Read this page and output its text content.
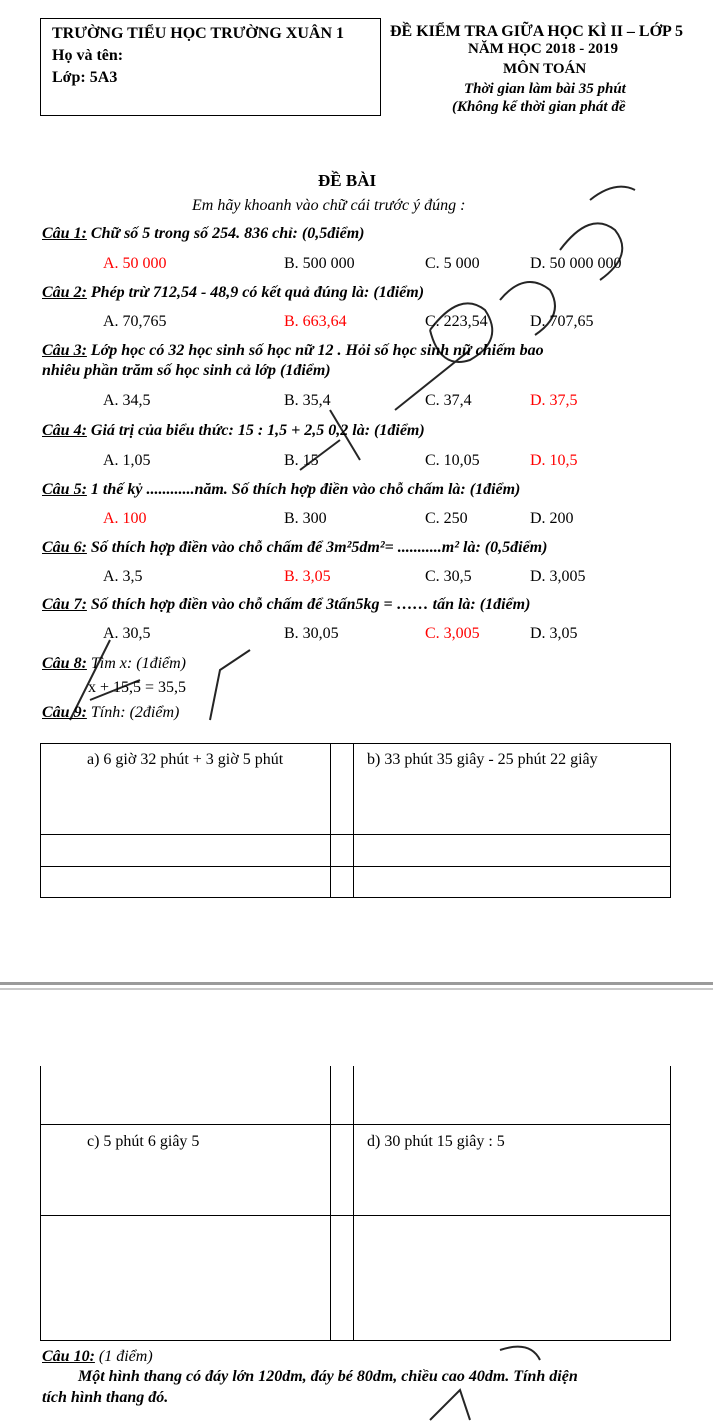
TRƯỜNG TIỂU HỌC TRƯỜNG XUÂN 1
Họ và tên:
Lớp: 5A3
ĐỀ KIỂM TRA GIỮA HỌC KÌ II – LỚP 5
NĂM HỌC 2018 - 2019
MÔN TOÁN
Thời gian làm bài 35 phút
(Không kể thời gian phát đề
ĐỀ BÀI
Em hãy khoanh vào chữ cái trước ý đúng :
Câu 1: Chữ số 5 trong số 254. 836 chỉ: (0,5điểm)
A. 50 000	B. 500 000	C. 5 000	D. 50 000 000
Câu 2: Phép trừ 712,54 - 48,9 có kết quả đúng là: (1điểm)
A. 70,765	B. 663,64	C. 223,54	D. 707,65
Câu 3: Lớp học có 32 học sinh số học nữ 12 . Hỏi số học sinh nữ chiếm bao
nhiêu phần trăm số học sinh cả lớp (1điểm)
A. 34,5	B. 35,4	C. 37,4	D. 37,5
Câu 4: Giá trị của biểu thức: 15 : 1,5 + 2,5 0,2 là: (1điểm)
A. 1,05	B. 15	C. 10,05	D. 10,5
Câu 5: 1 thế kỷ ............năm. Số thích hợp điền vào chỗ chấm là: (1điểm)
A. 100	B. 300	C. 250	D. 200
Câu 6: Số thích hợp điền vào chỗ chấm để 3m²5dm²= ...........m² là: (0,5điểm)
A. 3,5	B. 3,05	C. 30,5	D. 3,005
Câu 7: Số thích hợp điền vào chỗ chấm để 3tấn5kg = …… tấn là: (1điểm)
A. 30,5	B. 30,05	C. 3,005	D. 3,05
Câu 8: Tìm x: (1điểm)
x + 15,5 = 35,5
Câu 9: Tính: (2điểm)
a) 6 giờ 32 phút + 3 giờ 5 phút	b) 33 phút 35 giây - 25 phút 22 giây
c) 5 phút 6 giây 5	d) 30 phút 15 giây : 5
Câu 10: (1 điểm)
Một hình thang có đáy lớn 120dm, đáy bé 80dm, chiều cao 40dm. Tính diện
tích hình thang đó.
